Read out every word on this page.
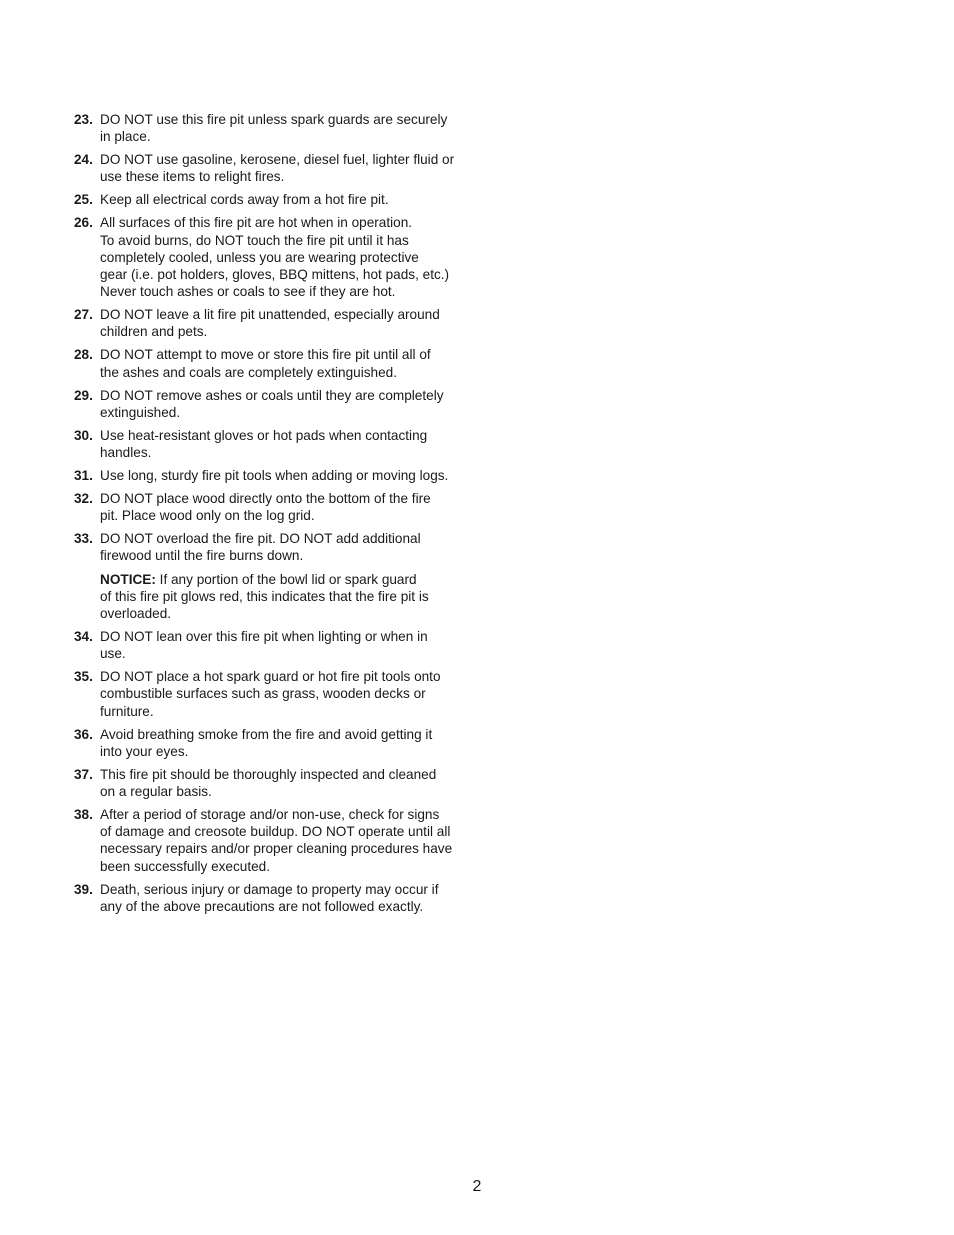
23. DO NOT use this fire pit unless spark guards are securely
in place.
24. DO NOT use gasoline, kerosene, diesel fuel, lighter fluid or
use these items to relight fires.
25. Keep all electrical cords away from a hot fire pit.
26. All surfaces of this fire pit are hot when in operation.
To avoid burns, do NOT touch the fire pit until it has
completely cooled, unless you are wearing protective
gear (i.e. pot holders, gloves, BBQ mittens, hot pads, etc.)
Never touch ashes or coals to see if they are hot.
27. DO NOT leave a lit fire pit unattended, especially around
children and pets.
28. DO NOT attempt to move or store this fire pit until all of
the ashes and coals are completely extinguished.
29. DO NOT remove ashes or coals until they are completely
extinguished.
30. Use heat-resistant gloves or hot pads when contacting
handles.
31. Use long, sturdy fire pit tools when adding or moving logs.
32. DO NOT place wood directly onto the bottom of the fire
pit. Place wood only on the log grid.
33. DO NOT overload the fire pit. DO NOT add additional
firewood until the fire burns down.
NOTICE: If any portion of the bowl lid or spark guard
of this fire pit glows red, this indicates that the fire pit is
overloaded.
34. DO NOT lean over this fire pit when lighting or when in
use.
35. DO NOT place a hot spark guard or hot fire pit tools onto
combustible surfaces such as grass, wooden decks or
furniture.
36. Avoid breathing smoke from the fire and avoid getting it
into your eyes.
37. This fire pit should be thoroughly inspected and cleaned
on a regular basis.
38. After a period of storage and/or non-use, check for signs
of damage and creosote buildup. DO NOT operate until all
necessary repairs and/or proper cleaning procedures have
been successfully executed.
39. Death, serious injury or damage to property may occur if
any of the above precautions are not followed exactly.
2
